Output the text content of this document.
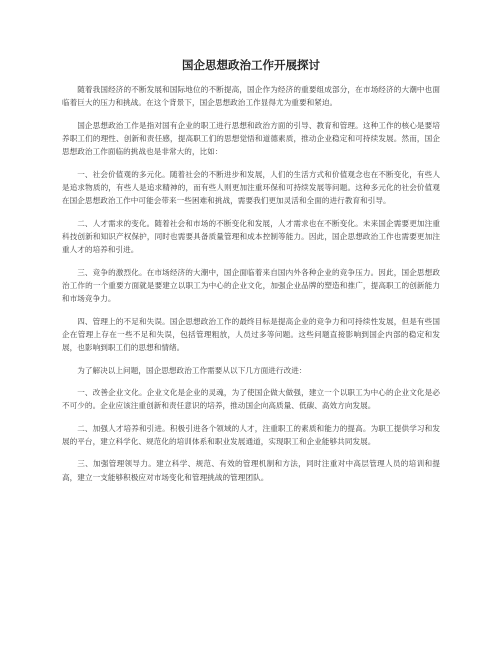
国企思想政治工作开展探讨

随着我国经济的不断发展和国际地位的不断提高，国企作为经济的重要组成部分，在市场经济的大潮中也面临着巨大的压力和挑战。在这个背景下，国企思想政治工作显得尤为重要和紧迫。

国企思想政治工作是指对国有企业的职工进行思想和政治方面的引导、教育和管理。这种工作的核心是要培养职工们的理性、创新和责任感，提高职工们的思想觉悟和道德素质，推动企业稳定和可持续发展。然而，国企思想政治工作面临的挑战也是非常大的，比如：

一、社会价值观的多元化。随着社会的不断进步和发展，人们的生活方式和价值观念也在不断变化，有些人是追求物质的，有些人是追求精神的，而有些人则更加注重环保和可持续发展等问题。这种多元化的社会价值观在国企思想政治工作中可能会带来一些困难和挑战，需要我们更加灵活和全面的进行教育和引导。

二、人才需求的变化。随着社会和市场的不断变化和发展，人才需求也在不断变化。未来国企需要更加注重科技创新和知识产权保护，同时也需要具备质量管理和成本控制等能力。因此，国企思想政治工作也需要更加注重人才的培养和引进。

三、竞争的激烈化。在市场经济的大潮中，国企面临着来自国内外各种企业的竞争压力。因此，国企思想政治工作的一个重要方面就是要建立以职工为中心的企业文化，加强企业品牌的塑造和推广，提高职工的创新能力和市场竞争力。

四、管理上的不足和失误。国企思想政治工作的最终目标是提高企业的竞争力和可持续性发展，但是有些国企在管理上存在一些不足和失误，包括管理粗放，人员过多等问题。这些问题直接影响到国企内部的稳定和发展，也影响到职工们的思想和情绪。

为了解决以上问题，国企思想政治工作需要从以下几方面进行改进：

一、改善企业文化。企业文化是企业的灵魂，为了使国企做大做强，建立一个以职工为中心的企业文化是必不可少的。企业应该注重创新和责任意识的培养，推动国企向高质量、低碳、高效方向发展。

二、加强人才培养和引进。积极引进各个领域的人才，注重职工的素质和能力的提高。为职工提供学习和发展的平台，建立科学化、规范化的培训体系和职业发展通道，实现职工和企业能够共同发展。

三、加强管理领导力。建立科学、规范、有效的管理机制和方法，同时注重对中高层管理人员的培训和提高，建立一支能够积极应对市场变化和管理挑战的管理团队。
